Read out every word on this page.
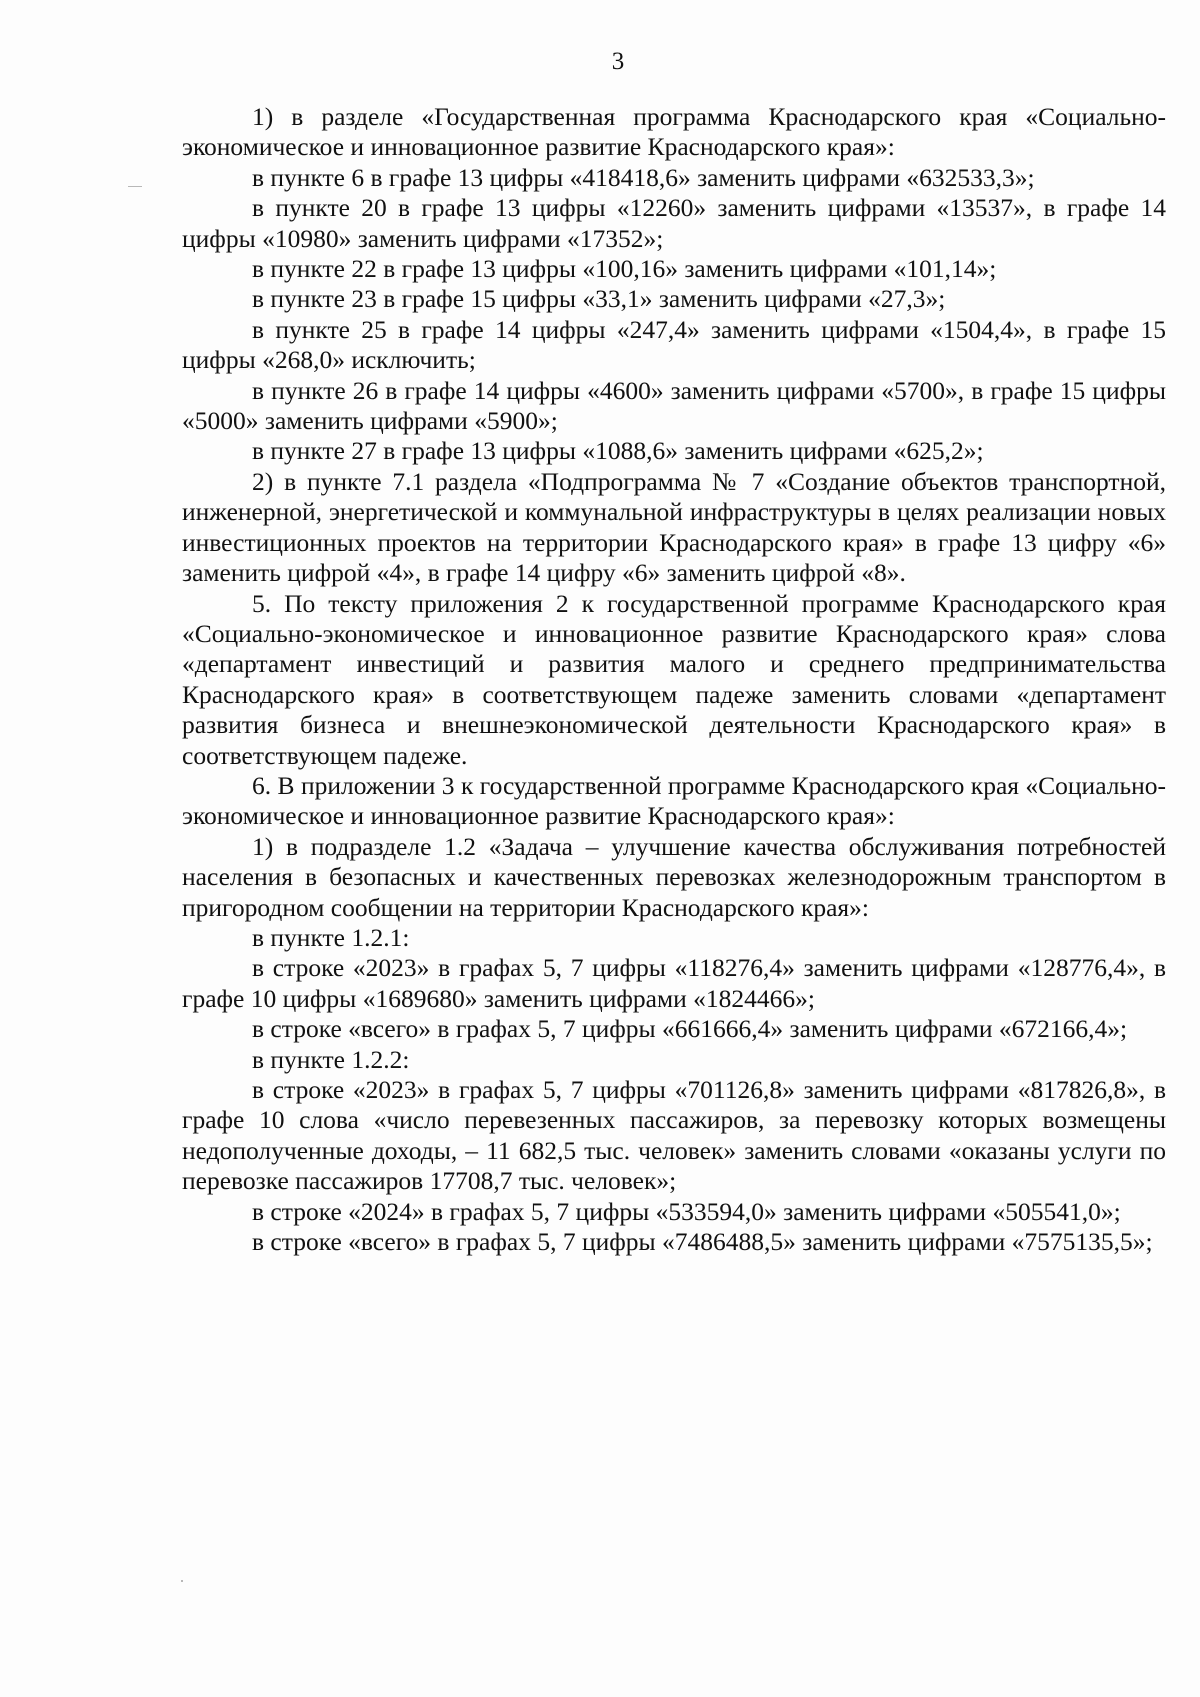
3

1) в разделе «Государственная программа Краснодарского края «Социально-экономическое и инновационное развитие Краснодарского края»:

в пункте 6 в графе 13 цифры «418418,6» заменить цифрами «632533,3»;

в пункте 20 в графе 13 цифры «12260» заменить цифрами «13537», в графе 14 цифры «10980» заменить цифрами «17352»;

в пункте 22 в графе 13 цифры «100,16» заменить цифрами «101,14»;

в пункте 23 в графе 15 цифры «33,1» заменить цифрами «27,3»;

в пункте 25 в графе 14 цифры «247,4» заменить цифрами «1504,4», в графе 15 цифры «268,0» исключить;

в пункте 26 в графе 14 цифры «4600» заменить цифрами «5700», в графе 15 цифры «5000» заменить цифрами «5900»;

в пункте 27 в графе 13 цифры «1088,6» заменить цифрами «625,2»;

2) в пункте 7.1 раздела «Подпрограмма № 7 «Создание объектов транспортной, инженерной, энергетической и коммунальной инфраструктуры в целях реализации новых инвестиционных проектов на территории Краснодарского края» в графе 13 цифру «6» заменить цифрой «4», в графе 14 цифру «6» заменить цифрой «8».

5. По тексту приложения 2 к государственной программе Краснодарского края «Социально-экономическое и инновационное развитие Краснодарского края» слова «департамент инвестиций и развития малого и среднего предпринимательства Краснодарского края» в соответствующем падеже заменить словами «департамент развития бизнеса и внешнеэкономической деятельности Краснодарского края» в соответствующем падеже.

6. В приложении 3 к государственной программе Краснодарского края «Социально-экономическое и инновационное развитие Краснодарского края»:

1) в подразделе 1.2 «Задача – улучшение качества обслуживания потребностей населения в безопасных и качественных перевозках железнодорожным транспортом в пригородном сообщении на территории Краснодарского края»:

в пункте 1.2.1:

в строке «2023» в графах 5, 7 цифры «118276,4» заменить цифрами «128776,4», в графе 10 цифры «1689680» заменить цифрами «1824466»;

в строке «всего» в графах 5, 7 цифры «661666,4» заменить цифрами «672166,4»;

в пункте 1.2.2:

в строке «2023» в графах 5, 7 цифры «701126,8» заменить цифрами «817826,8», в графе 10 слова «число перевезенных пассажиров, за перевозку которых возмещены недополученные доходы, – 11 682,5 тыс. человек» заменить словами «оказаны услуги по перевозке пассажиров 17708,7 тыс. человек»;

в строке «2024» в графах 5, 7 цифры «533594,0» заменить цифрами «505541,0»;

в строке «всего» в графах 5, 7 цифры «7486488,5» заменить цифрами «7575135,5»;
